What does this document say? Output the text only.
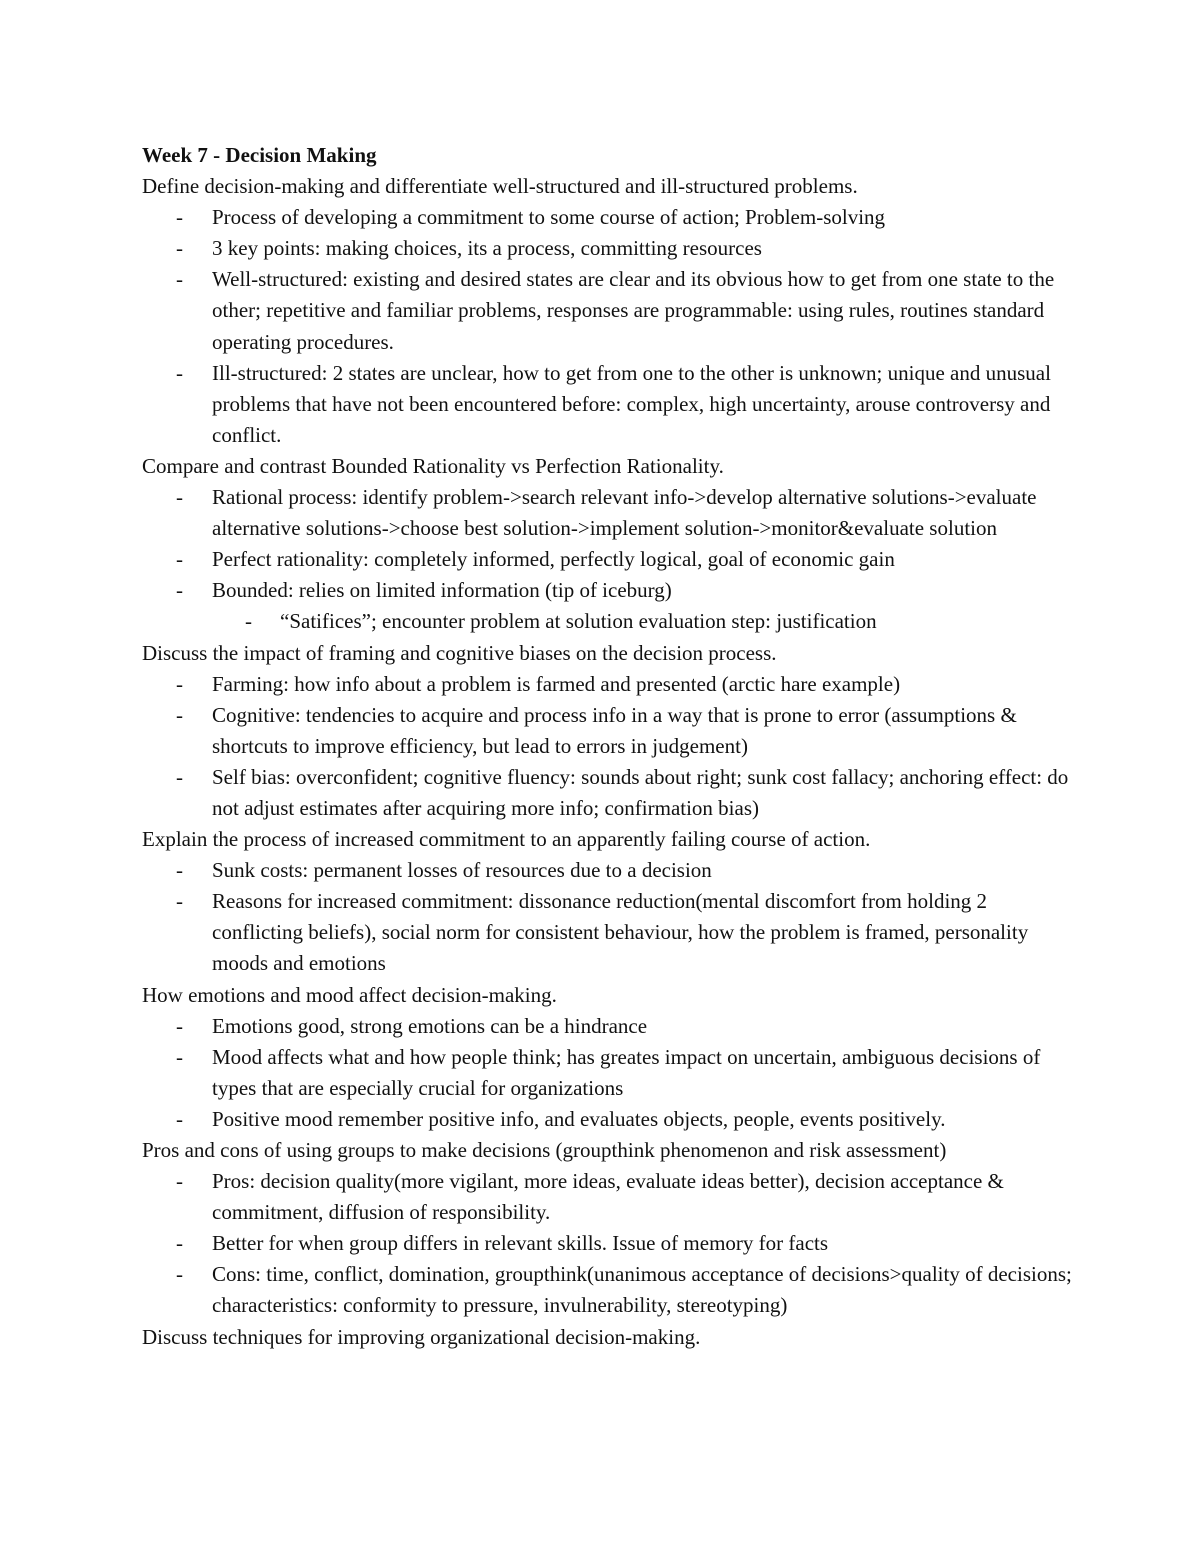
Week 7 - Decision Making
Define decision-making and differentiate well-structured and ill-structured problems.
- Process of developing a commitment to some course of action; Problem-solving
- 3 key points: making choices, its a process, committing resources
- Well-structured: existing and desired states are clear and its obvious how to get from one state to the other; repetitive and familiar problems, responses are programmable: using rules, routines standard operating procedures.
- Ill-structured: 2 states are unclear, how to get from one to the other is unknown; unique and unusual problems that have not been encountered before: complex, high uncertainty, arouse controversy and conflict.
Compare and contrast Bounded Rationality vs Perfection Rationality.
- Rational process: identify problem->search relevant info->develop alternative solutions->evaluate alternative solutions->choose best solution->implement solution->monitor&evaluate solution
- Perfect rationality: completely informed, perfectly logical, goal of economic gain
- Bounded: relies on limited information (tip of iceburg)
- “Satifices”; encounter problem at solution evaluation step: justification
Discuss the impact of framing and cognitive biases on the decision process.
- Farming: how info about a problem is farmed and presented (arctic hare example)
- Cognitive: tendencies to acquire and process info in a way that is prone to error (assumptions & shortcuts to improve efficiency, but lead to errors in judgement)
- Self bias: overconfident; cognitive fluency: sounds about right; sunk cost fallacy; anchoring effect: do not adjust estimates after acquiring more info; confirmation bias)
Explain the process of increased commitment to an apparently failing course of action.
- Sunk costs: permanent losses of resources due to a decision
- Reasons for increased commitment: dissonance reduction(mental discomfort from holding 2 conflicting beliefs), social norm for consistent behaviour, how the problem is framed, personality moods and emotions
How emotions and mood affect decision-making.
- Emotions good, strong emotions can be a hindrance
- Mood affects what and how people think; has greates impact on uncertain, ambiguous decisions of types that are especially crucial for organizations
- Positive mood remember positive info, and evaluates objects, people, events positively.
Pros and cons of using groups to make decisions (groupthink phenomenon and risk assessment)
- Pros: decision quality(more vigilant, more ideas, evaluate ideas better), decision acceptance & commitment, diffusion of responsibility.
- Better for when group differs in relevant skills. Issue of memory for facts
- Cons: time, conflict, domination, groupthink(unanimous acceptance of decisions>quality of decisions; characteristics: conformity to pressure, invulnerability, stereotyping)
Discuss techniques for improving organizational decision-making.
